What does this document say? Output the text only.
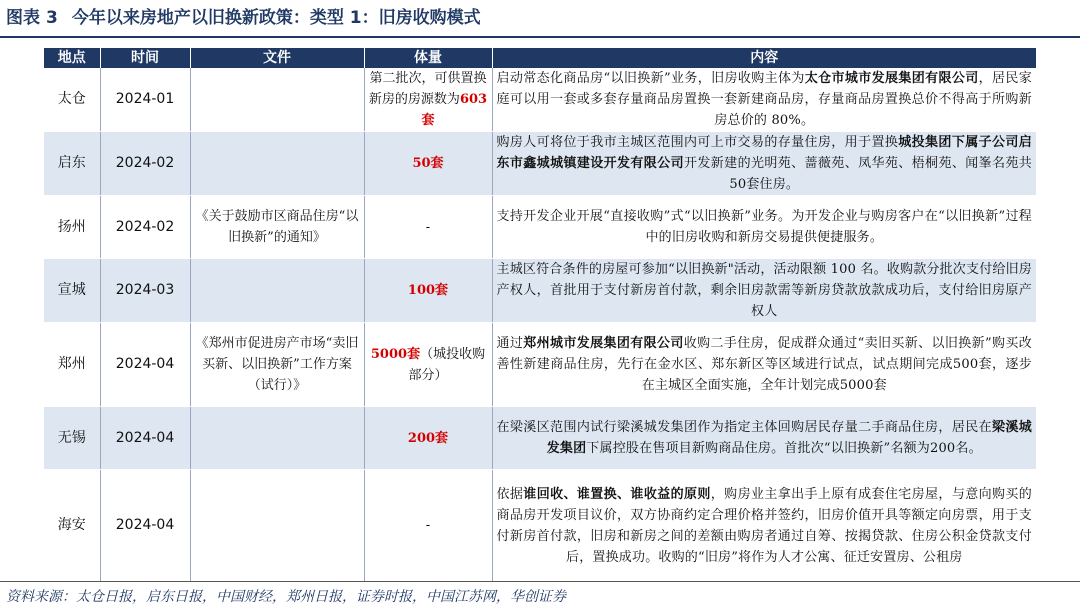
图表 3 今年以来房地产以旧换新政策：类型 1：旧房收购模式
地点	时间	文件	体量	内容
太仓	2024-01		第二批次，可供置换新房的房源数为603套	启动常态化商品房“以旧换新”业务，旧房收购主体为太仓市城市发展集团有限公司，居民家庭可以用一套或多套存量商品房置换一套新建商品房，存量商品房置换总价不得高于所购新房总价的 80%。
启东	2024-02		50套	购房人可将位于我市主城区范围内可上市交易的存量住房，用于置换城投集团下属子公司启东市鑫城城镇建设开发有限公司开发新建的光明苑、蔷薇苑、凤华苑、梧桐苑、闻峯名苑共50套住房。
扬州	2024-02	《关于鼓励市区商品住房“以旧换新”的通知》	-	支持开发企业开展“直接收购”式“以旧换新”业务。为开发企业与购房客户在“以旧换新”过程中的旧房收购和新房交易提供便捷服务。
宣城	2024-03		100套	主城区符合条件的房屋可参加“以旧换新"活动，活动限额 100 名。收购款分批次支付给旧房产权人，首批用于支付新房首付款，剩余旧房款需等新房贷款放款成功后，支付给旧房原产权人
郑州	2024-04	《郑州市促进房产市场“卖旧买新、以旧换新”工作方案（试行）》	5000套（城投收购部分）	通过郑州城市发展集团有限公司收购二手住房，促成群众通过“卖旧买新、以旧换新”购买改善性新建商品住房，先行在金水区、郑东新区等区域进行试点，试点期间完成500套，逐步在主城区全面实施，全年计划完成5000套
无锡	2024-04		200套	在梁溪区范围内试行梁溪城发集团作为指定主体回购居民存量二手商品住房，居民在梁溪城发集团下属控股在售项目新购商品住房。首批次“以旧换新”名额为200名。
海安	2024-04		-	依据谁回收、谁置换、谁收益的原则，购房业主拿出手上原有成套住宅房屋，与意向购买的商品房开发项目议价，双方协商约定合理价格并签约，旧房价值开具等额定向房票，用于支付新房首付款，旧房和新房之间的差额由购房者通过自筹、按揭贷款、住房公积金贷款支付后，置换成功。收购的“旧房”将作为人才公寓、征迁安置房、公租房
资料来源：太仓日报，启东日报，中国财经，郑州日报，证券时报，中国江苏网，华创证券
